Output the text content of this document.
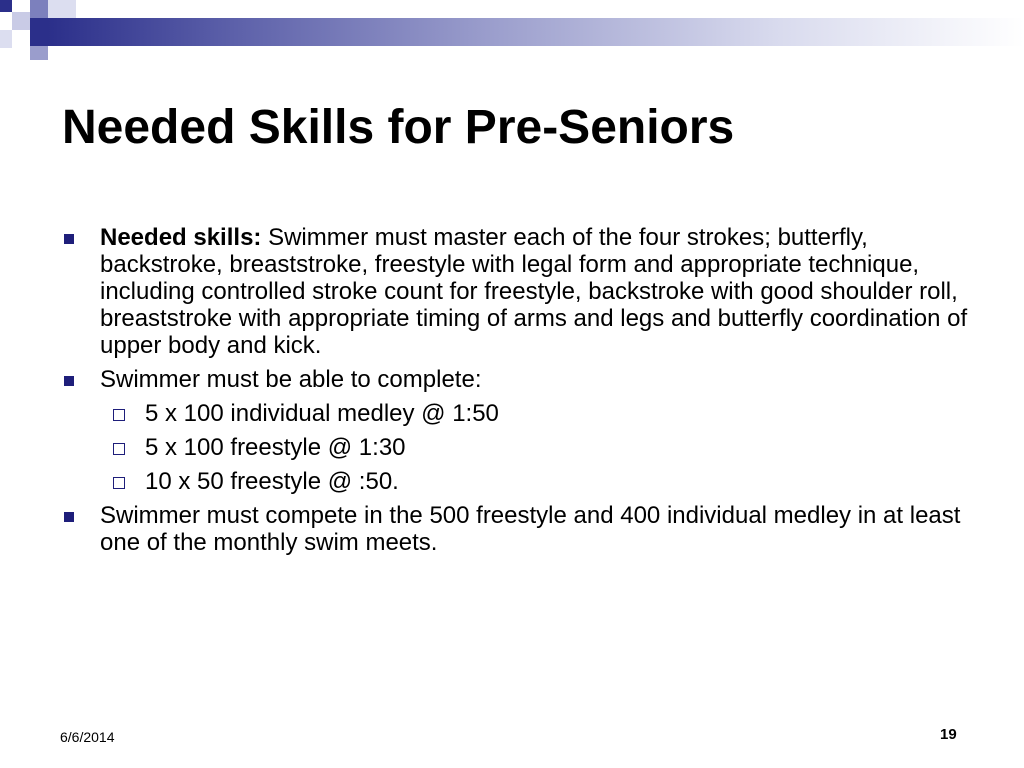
Needed Skills for Pre-Seniors
Needed skills: Swimmer must master each of the four strokes; butterfly, backstroke, breaststroke, freestyle with legal form and appropriate technique, including controlled stroke count for freestyle, backstroke with good shoulder roll, breaststroke with appropriate timing of arms and legs and butterfly coordination of upper body and kick.
Swimmer must be able to complete:
5 x 100 individual medley @ 1:50
5 x 100 freestyle @ 1:30
10 x 50 freestyle @ :50.
Swimmer must compete in the 500 freestyle and 400 individual medley in at least one of the monthly swim meets.
6/6/2014	19
